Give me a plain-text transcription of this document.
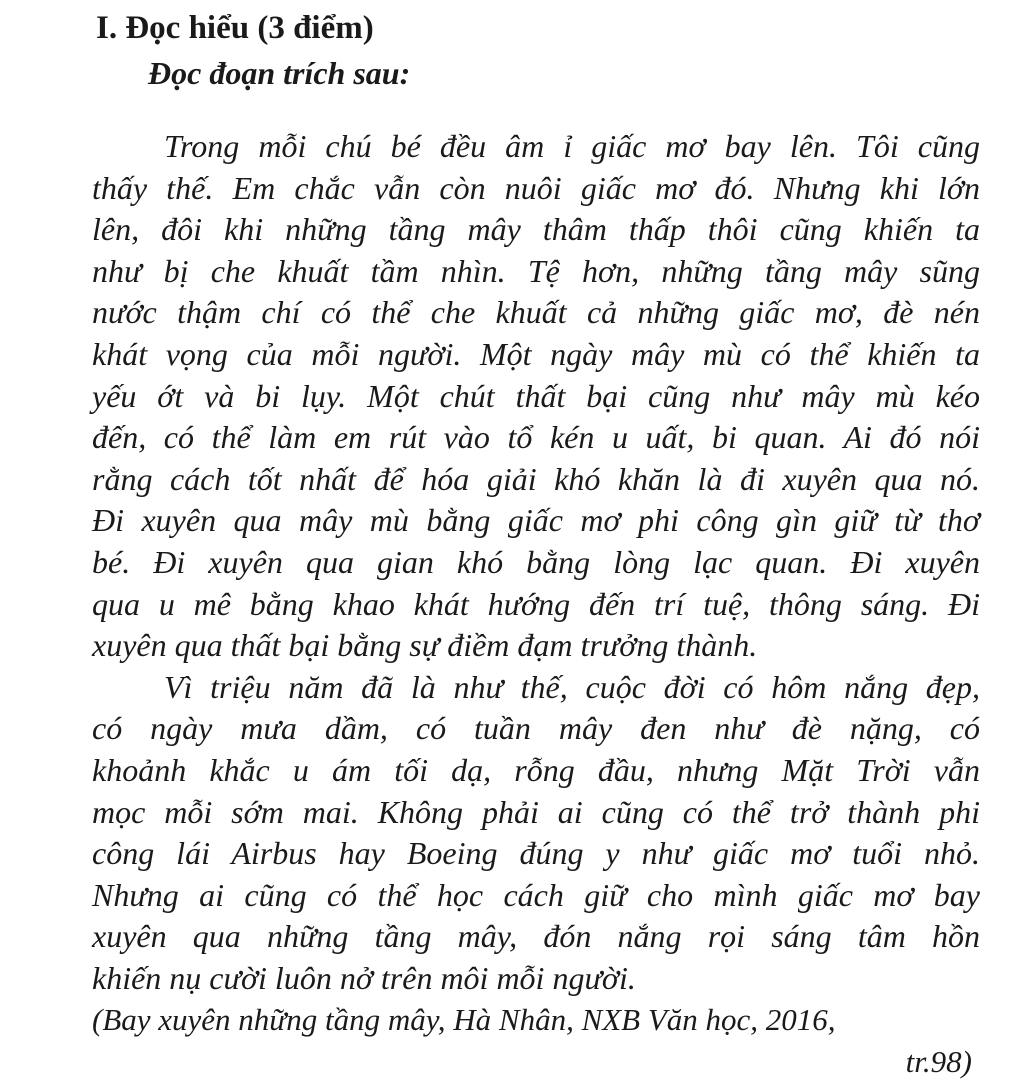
I. Đọc hiểu (3 điểm)
Đọc đoạn trích sau:
Trong mỗi chú bé đều âm ỉ giấc mơ bay lên. Tôi cũng
thấy thế. Em chắc vẫn còn nuôi giấc mơ đó. Nhưng khi lớn
lên, đôi khi những tầng mây thâm thấp thôi cũng khiến ta
như bị che khuất tầm nhìn. Tệ hơn, những tầng mây sũng
nước thậm chí có thể che khuất cả những giấc mơ, đè nén
khát vọng của mỗi người. Một ngày mây mù có thể khiến ta
yếu ớt và bi lụy. Một chút thất bại cũng như mây mù kéo
đến, có thể làm em rút vào tổ kén u uất, bi quan. Ai đó nói
rằng cách tốt nhất để hóa giải khó khăn là đi xuyên qua nó.
Đi xuyên qua mây mù bằng giấc mơ phi công gìn giữ từ thơ
bé. Đi xuyên qua gian khó bằng lòng lạc quan. Đi xuyên
qua u mê bằng khao khát hướng đến trí tuệ, thông sáng. Đi
xuyên qua thất bại bằng sự điềm đạm trưởng thành.
Vì triệu năm đã là như thế, cuộc đời có hôm nắng đẹp,
có ngày mưa dầm, có tuần mây đen như đè nặng, có
khoảnh khắc u ám tối dạ, rỗng đầu, nhưng Mặt Trời vẫn
mọc mỗi sớm mai. Không phải ai cũng có thể trở thành phi
công lái Airbus hay Boeing đúng y như giấc mơ tuổi nhỏ.
Nhưng ai cũng có thể học cách giữ cho mình giấc mơ bay
xuyên qua những tầng mây, đón nắng rọi sáng tâm hồn
khiến nụ cười luôn nở trên môi mỗi người.
(Bay xuyên những tầng mây, Hà Nhân, NXB Văn học, 2016,
tr.98)
